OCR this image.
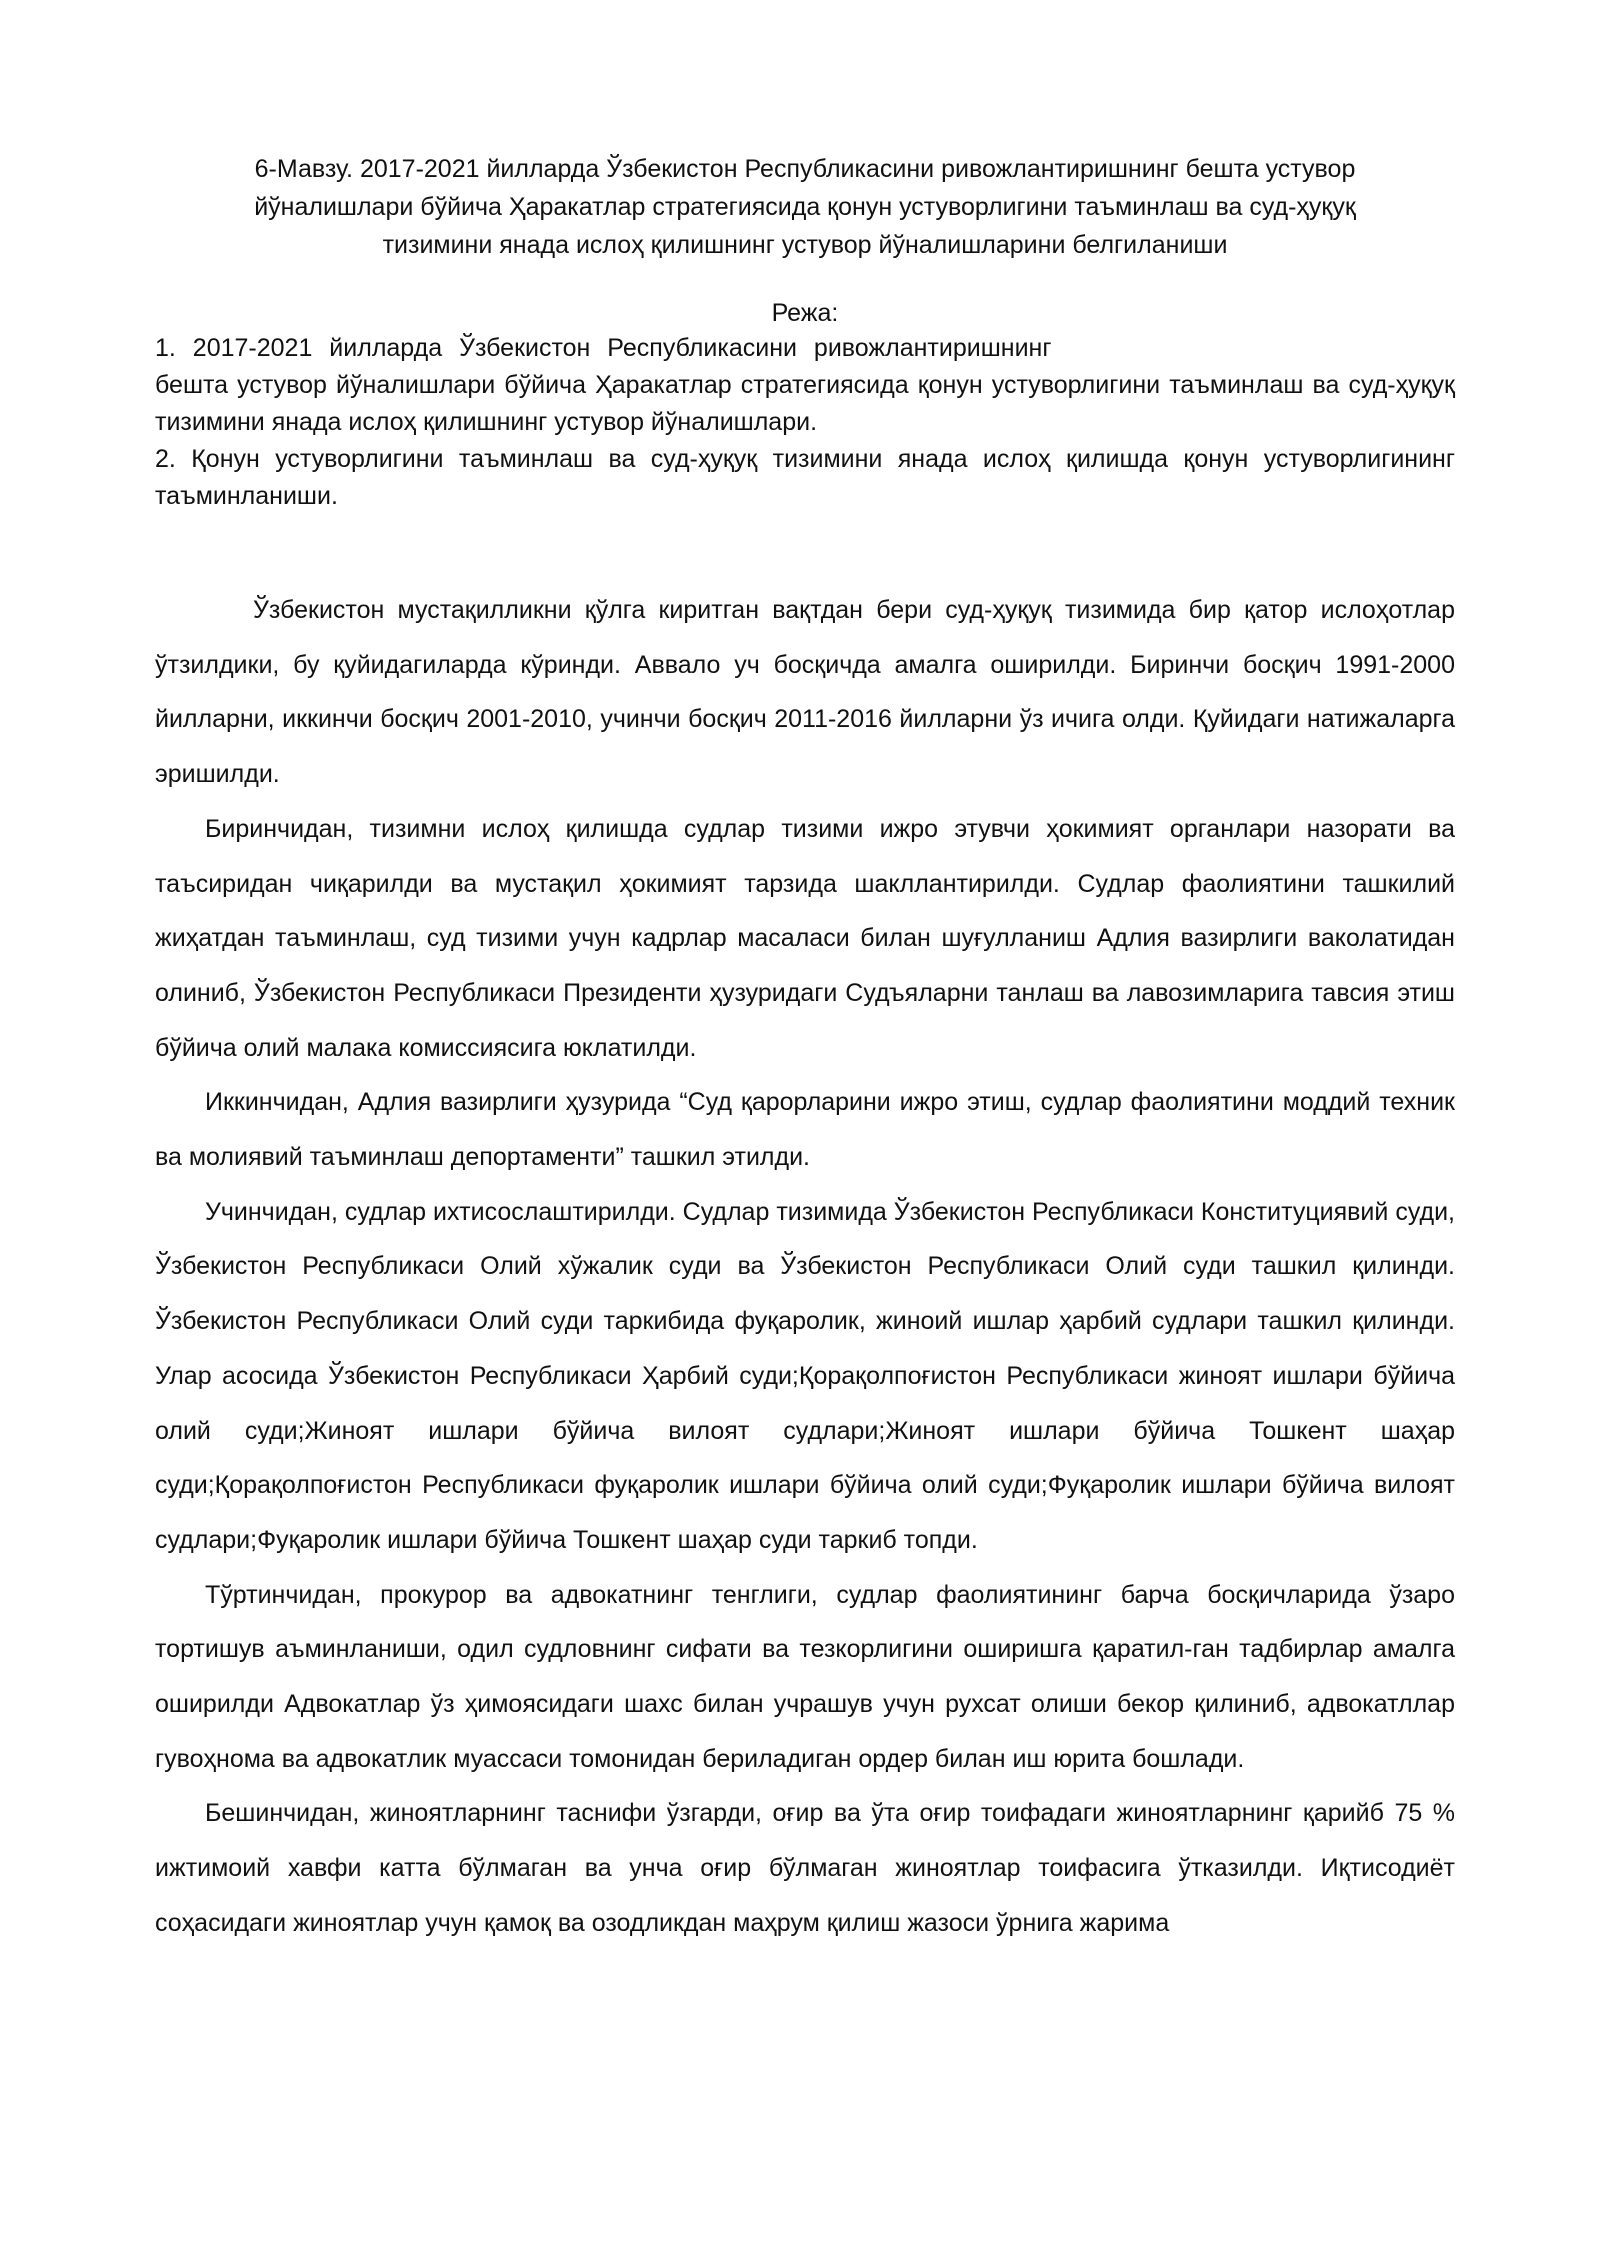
6-Мавзу. 2017-2021 йилларда Ўзбекистон Республикасини ривожлантиришнинг бешта устувор
йўналишлари бўйича Ҳаракатлар стратегиясида қонун устуворлигини таъминлаш ва суд-ҳуқуқ
тизимини янада ислоҳ қилишнинг устувор йўналишларини белгиланиши

Режа:

1. 2017-2021 йилларда Ўзбекистон Республикасини ривожлантиришнинг
бешта устувор йўналишлари бўйича Ҳаракатлар стратегиясида қонун устуворлигини таъминлаш ва суд-ҳуқуқ тизимини янада ислоҳ қилишнинг устувор йўналишлари.

2. Қонун устуворлигини таъминлаш ва суд-ҳуқуқ тизимини янада ислоҳ қилишда қонун устуворлигининг таъминланиши.

Ўзбекистон мустақилликни қўлга киритган вақтдан бери суд-ҳуқуқ тизимида бир қатор ислоҳотлар ўтзилдики, бу қуйидагиларда кўринди. Аввало уч босқичда амалга оширилди. Биринчи босқич 1991-2000 йилларни, иккинчи босқич 2001-2010, учинчи босқич 2011-2016 йилларни ўз ичига олди. Қуйидаги натижаларга эришилди.

Биринчидан, тизимни ислоҳ қилишда судлар тизими ижро этувчи ҳокимият органлари назорати ва таъсиридан чиқарилди ва мустақил ҳокимият тарзида шакллантирилди. Судлар фаолиятини ташкилий жиҳатдан таъминлаш, суд тизими учун кадрлар масаласи билан шуғулланиш Адлия вазирлиги ваколатидан олиниб, Ўзбекистон Республикаси Президенти ҳузуридаги Судъяларни танлаш ва лавозимларига тавсия этиш бўйича олий малака комиссиясига юклатилди.

Иккинчидан, Адлия вазирлиги ҳузурида “Суд қарорларини ижро этиш, судлар фаолиятини моддий техник ва молиявий таъминлаш депортаменти” ташкил этилди.

Учинчидан, судлар ихтисослаштирилди. Судлар тизимида Ўзбекистон Республикаси Конституциявий суди, Ўзбекистон Республикаси Олий хўжалик суди ва Ўзбекистон Республикаси Олий суди ташкил қилинди. Ўзбекистон Республикаси Олий суди таркибида фуқаролик, жиноий ишлар ҳарбий судлари ташкил қилинди. Улар асосида Ўзбекистон Республикаси Ҳарбий суди;Қорақолпоғистон Республикаси жиноят ишлари бўйича олий суди;Жиноят ишлари бўйича вилоят судлари;Жиноят ишлари бўйича Тошкент шаҳар суди;Қорақолпоғистон Республикаси фуқаролик ишлари бўйича олий суди;Фуқаролик ишлари бўйича вилоят судлари;Фуқаролик ишлари бўйича Тошкент шаҳар суди таркиб топди.

Тўртинчидан, прокурор ва адвокатнинг тенглиги, судлар фаолиятининг барча босқичларида ўзаро тортишув аъминланиши, одил судловнинг сифати ва тезкорлигини оширишга қаратил-ган тадбирлар амалга оширилди Адвокатлар ўз ҳимоясидаги шахс билан учрашув учун рухсат олиши бекор қилиниб, адвокатллар гувоҳнома ва адвокатлик муассаси томонидан бериладиган ордер билан иш юрита бошлади.

Бешинчидан, жиноятларнинг таснифи ўзгарди, оғир ва ўта оғир тоифадаги жиноятларнинг қарийб 75 % ижтимоий хавфи катта бўлмаган ва унча оғир бўлмаган жиноятлар тоифасига ўтказилди. Иқтисодиёт соҳасидаги жиноятлар учун қамоқ ва озодликдан маҳрум қилиш жазоси ўрнига жарима
